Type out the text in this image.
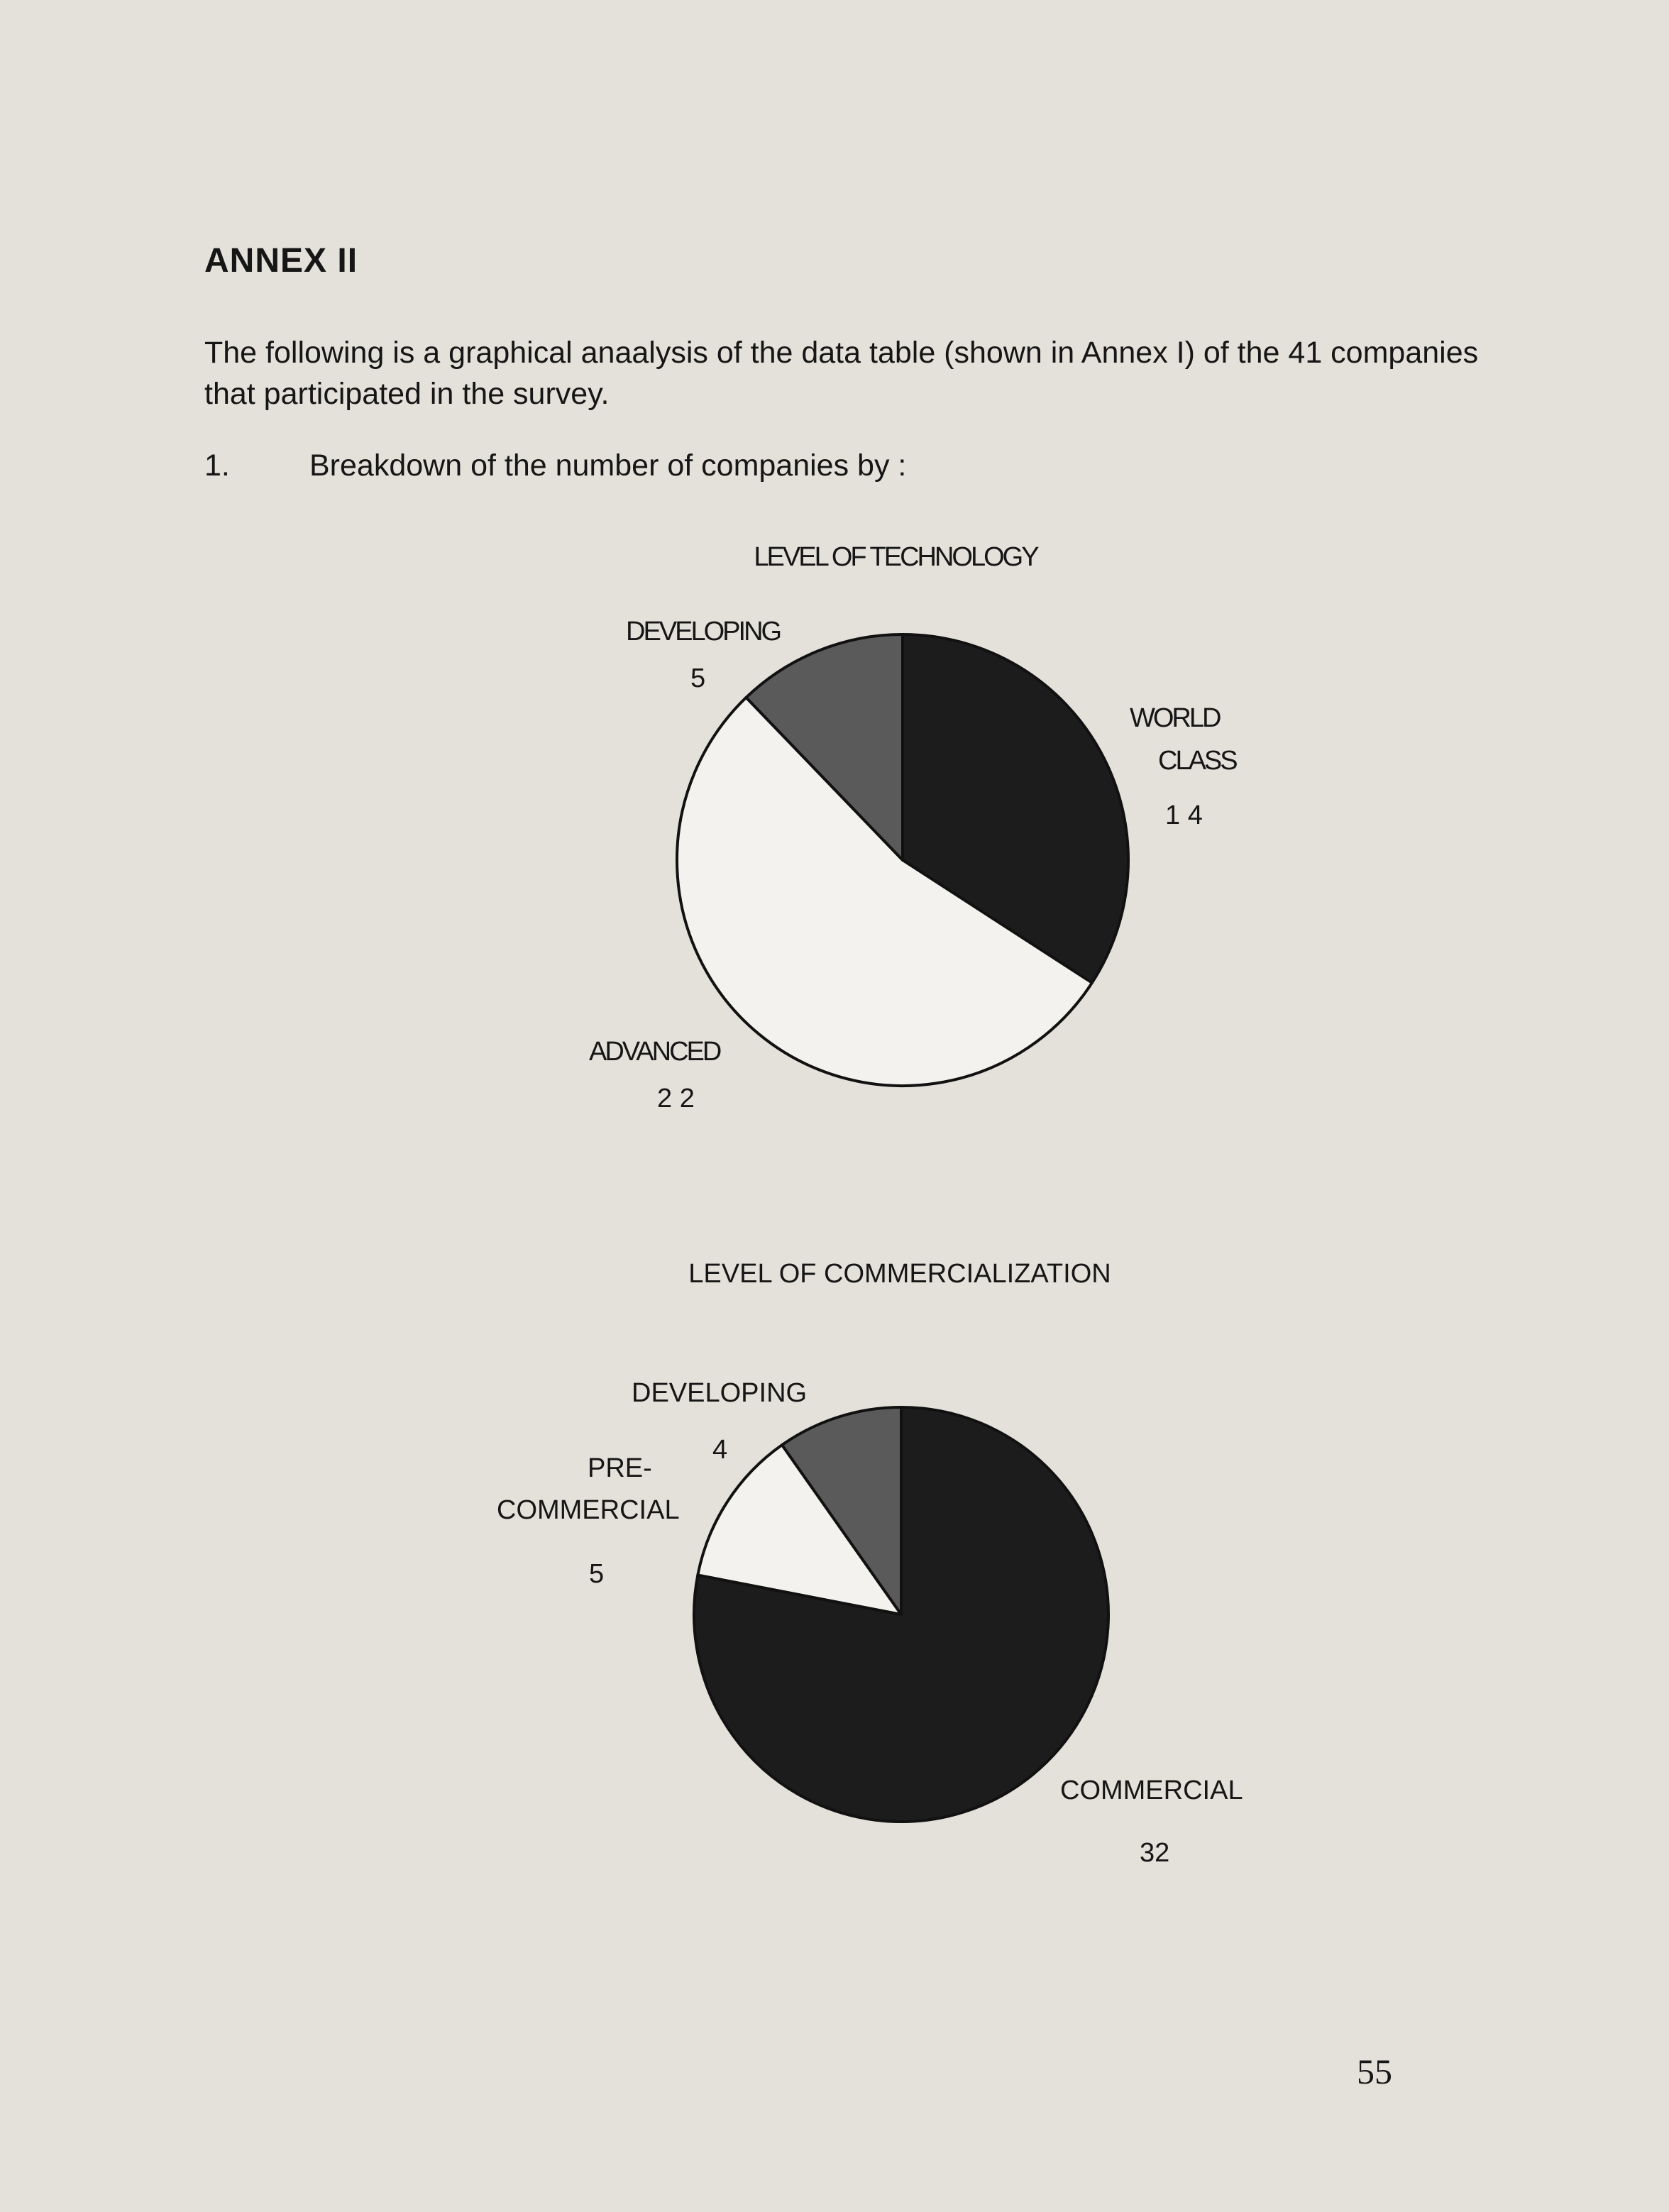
ANNEX II
The following is a graphical anaalysis of the data table (shown in Annex I) of the 41 companies that participated in the survey.
1.	Breakdown of the number of companies by :
LEVEL OF TECHNOLOGY
WORLD
CLASS
1 4
ADVANCED
2 2
DEVELOPING
5
LEVEL OF COMMERCIALIZATION
COMMERCIAL
32
PRE-
COMMERCIAL
5
DEVELOPING
4
55
